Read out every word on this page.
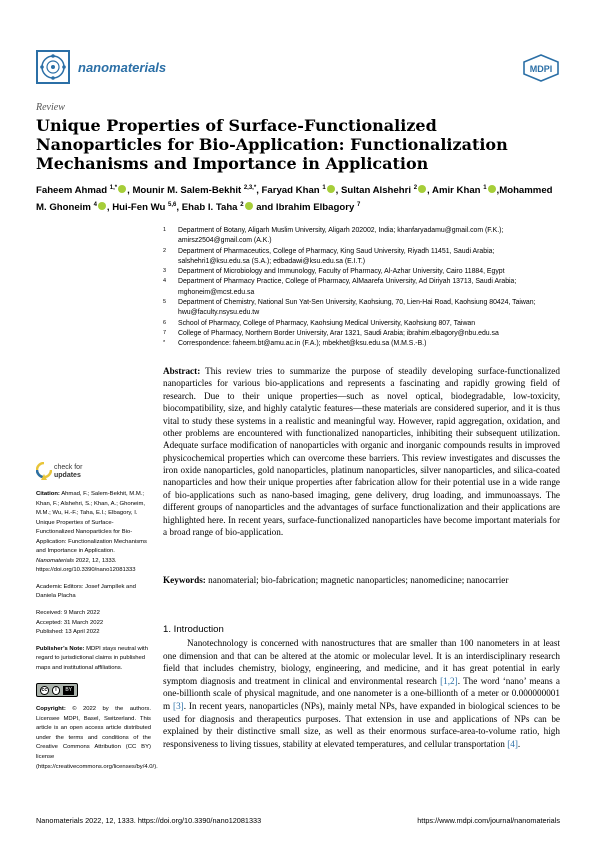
nanomaterials	MDPI
Review
Unique Properties of Surface-Functionalized Nanoparticles for Bio-Application: Functionalization Mechanisms and Importance in Application
Faheem Ahmad $^{1,*}$ , Mounir M. Salem-Bekhit $^{2,3,*}$, Faryad Khan $^1$ , Sultan Alshehri $^2$ , Amir Khan $^1$ ,Mohammed M. Ghoneim $^4$ , Hui-Fen Wu $^{5,6}$, Ehab I. Taha $^2$ and Ibrahim Elbagory $^7$
1 Department of Botany, Aligarh Muslim University, Aligarh 202002, India; khanfaryadamu@gmail.com (F.K.); amirsz2504@gmail.com (A.K.)
2 Department of Pharmaceutics, College of Pharmacy, King Saud University, Riyadh 11451, Saudi Arabia; salshehri1@ksu.edu.sa (S.A.); edbadawi@ksu.edu.sa (E.I.T.)
3 Department of Microbiology and Immunology, Faculty of Pharmacy, Al-Azhar University, Cairo 11884, Egypt
4 Department of Pharmacy Practice, College of Pharmacy, AlMaarefa University, Ad Diriyah 13713, Saudi Arabia; mghoneim@mcst.edu.sa
5 Department of Chemistry, National Sun Yat-Sen University, Kaohsiung, 70, Lien-Hai Road, Kaohsiung 80424, Taiwan; hwu@faculty.nsysu.edu.tw
6 School of Pharmacy, College of Pharmacy, Kaohsiung Medical University, Kaohsiung 807, Taiwan
7 College of Pharmacy, Northern Border University, Arar 1321, Saudi Arabia; ibrahim.elbagory@nbu.edu.sa
* Correspondence: faheem.bt@amu.ac.in (F.A.); mbekhet@ksu.edu.sa (M.M.S.-B.)
Abstract: This review tries to summarize the purpose of steadily developing surface-functionalized nanoparticles for various bio-applications and represents a fascinating and rapidly growing field of research. Due to their unique properties—such as novel optical, biodegradable, low-toxicity, biocompatibility, size, and highly catalytic features—these materials are considered superior, and it is thus vital to study these systems in a realistic and meaningful way. However, rapid aggregation, oxidation, and other problems are encountered with functionalized nanoparticles, inhibiting their subsequent utilization. Adequate surface modification of nanoparticles with organic and inorganic compounds results in improved physicochemical properties which can overcome these barriers. This review investigates and discusses the iron oxide nanoparticles, gold nanoparticles, platinum nanoparticles, silver nanoparticles, and silica-coated nanoparticles and how their unique properties after fabrication allow for their potential use in a wide range of bio-applications such as nano-based imaging, gene delivery, drug loading, and immunoassays. The different groups of nanoparticles and the advantages of surface functionalization and their applications are highlighted here. In recent years, surface-functionalized nanoparticles have become important materials for a broad range of bio-application.
Keywords: nanomaterial; bio-fabrication; magnetic nanoparticles; nanomedicine; nanocarrier
1. Introduction
Nanotechnology is concerned with nanostructures that are smaller than 100 nanometers in at least one dimension and that can be altered at the atomic or molecular level. It is an interdisciplinary research field that includes chemistry, biology, engineering, and medicine, and it has great potential in early symptom diagnosis and treatment in clinical and environmental research [1,2]. The word ‘nano’ means a one-billionth scale of physical magnitude, and one nanometer is a one-billionth of a meter or 0.000000001 m [3]. In recent years, nanoparticles (NPs), mainly metal NPs, have expanded in biological sciences to be used for diagnosis and therapeutics purposes. That extension in use and applications of NPs can be explained by their distinctive small size, as well as their enormous surface-area-to-volume ratio, high responsiveness to living tissues, stability at elevated temperatures, and cellular transportation [4].
check for
updates
Citation: Ahmad, F.; Salem-Bekhit, M.M.; Khan, F.; Alshehri, S.; Khan, A.; Ghoneim, M.M.; Wu, H.-F.; Taha, E.I.; Elbagory, I. Unique Properties of Surface-Functionalized Nanoparticles for Bio-Application: Functionalization Mechanisms and Importance in Application. Nanomaterials 2022, 12, 1333. https://doi.org/10.3390/nano12081333
Academic Editors: Josef Jampílek and Daniela Placha
Received: 9 March 2022
Accepted: 31 March 2022
Published: 13 April 2022
Publisher’s Note: MDPI stays neutral with regard to jurisdictional claims in published maps and institutional affiliations.
cc	i	BY
Copyright: © 2022 by the authors. Licensee MDPI, Basel, Switzerland. This article is an open access article distributed under the terms and conditions of the Creative Commons Attribution (CC BY) license (https://creativecommons.org/licenses/by/4.0/).
Nanomaterials 2022, 12, 1333. https://doi.org/10.3390/nano12081333	https://www.mdpi.com/journal/nanomaterials
